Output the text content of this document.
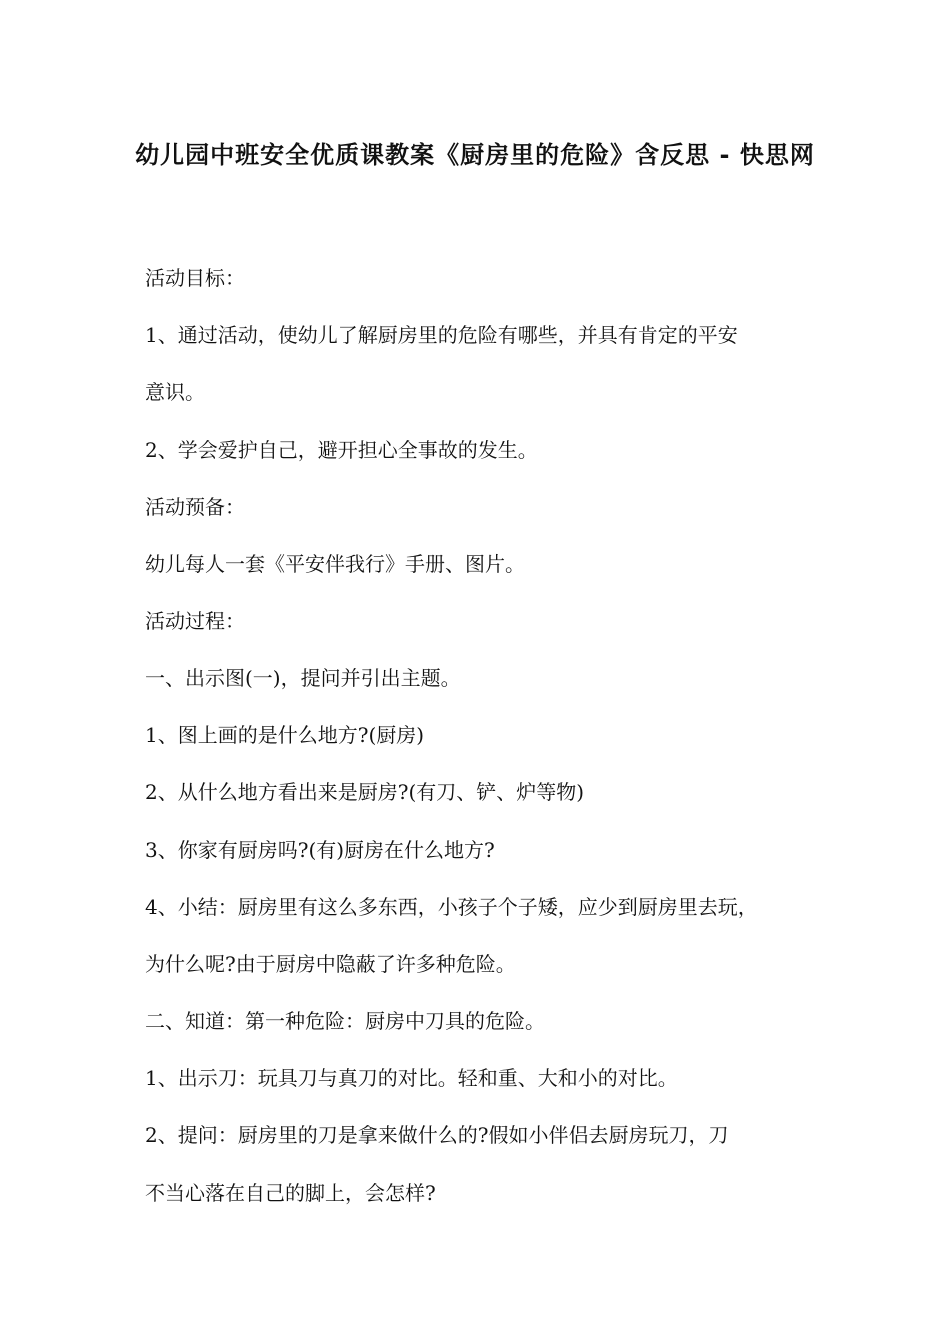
幼儿园中班安全优质课教案《厨房里的危险》含反思 - 快思网
活动目标：
1、通过活动，使幼儿了解厨房里的危险有哪些，并具有肯定的平安
意识。
2、学会爱护自己，避开担心全事故的发生。
活动预备：
幼儿每人一套《平安伴我行》手册、图片。
活动过程：
一、出示图(一)，提问并引出主题。
1、图上画的是什么地方?(厨房)
2、从什么地方看出来是厨房?(有刀、铲、炉等物)
3、你家有厨房吗?(有)厨房在什么地方?
4、小结：厨房里有这么多东西，小孩子个子矮，应少到厨房里去玩，
为什么呢?由于厨房中隐蔽了许多种危险。
二、知道：第一种危险：厨房中刀具的危险。
1、出示刀：玩具刀与真刀的对比。轻和重、大和小的对比。
2、提问：厨房里的刀是拿来做什么的?假如小伴侣去厨房玩刀，刀
不当心落在自己的脚上，会怎样?
